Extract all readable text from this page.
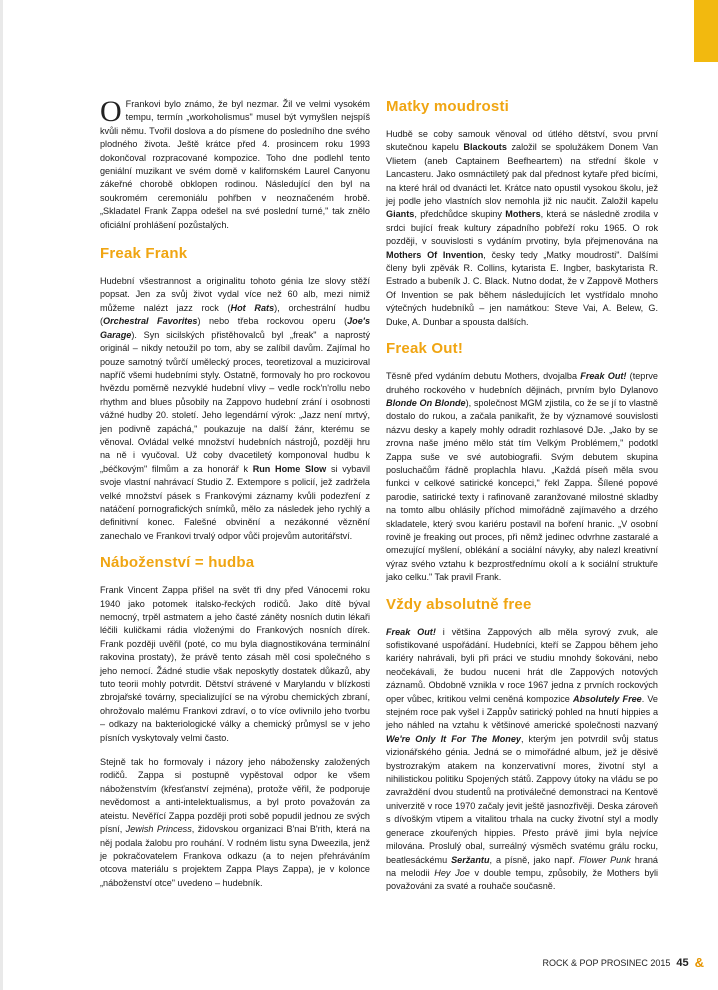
O Frankovi bylo známo, že byl nezmar. Žil ve velmi vysokém tempu, termín „workoholismus" musel být vymyšlen nejspíš kvůli němu. Tvořil doslova a do písmene do posledního dne svého plodného života. Ještě krátce před 4. prosincem roku 1993 dokončoval rozpracované kompozice. Toho dne podlehl tento geniální muzikant ve svém domě v kalifornském Laurel Canyonu zákeřné chorobě obklopen rodinou. Následující den byl na soukromém ceremoniálu pohřben v neoznačeném hrobě. „Skladatel Frank Zappa odešel na své poslední turné," tak znělo oficiální prohlášení pozůstalých.

Freak Frank

Hudební všestrannost a originalitu tohoto génia lze slovy stěží popsat. Jen za svůj život vydal více než 60 alb, mezi nimiž můžeme nalézt jazz rock (Hot Rats), orchestrální hudbu (Orchestral Favorites) nebo třeba rockovou operu (Joe's Garage). Syn sicilských přistěhovalců byl „freak" a naprostý originál – nikdy netoužil po tom, aby se zalíbil davům. Zajímal ho pouze samotný tvůrčí umělecký proces, teoretizoval a muziciroval napříč všemi hudebními styly. Ostatně, formovaly ho pro rockovou hvězdu poměrně nezvyklé hudební vlivy – vedle rock'n'rollu nebo rhythm and blues působily na Zappovo hudební zrání i osobnosti vážné hudby 20. století. Jeho legendární výrok: „Jazz není mrtvý, jen podivně zapáchá," poukazuje na další žánr, kterému se věnoval. Ovládal velké množství hudebních nástrojů, později hru na ně i vyučoval. Už coby dvacetiletý komponoval hudbu k „béčkovým" filmům a za honorář k Run Home Slow si vybavil svoje vlastní nahrávací Studio Z. Extempore s policií, jež zadržela velké množství pásek s Frankovými záznamy kvůli podezření z natáčení pornografických snímků, mělo za následek jeho rychlý a definitivní konec. Falešné obvinění a nezákonné věznění zanechalo ve Frankovi trvalý odpor vůči projevům autoritářství.

Náboženství = hudba

Frank Vincent Zappa přišel na svět tři dny před Vánocemi roku 1940 jako potomek italsko-řeckých rodičů. Jako dítě býval nemocný, trpěl astmatem a jeho časté záněty nosních dutin lékaři léčili kuličkami rádia vloženými do Frankových nosních dírek. Frank později uvěřil (poté, co mu byla diagnostikována terminální rakovina prostaty), že právě tento zásah měl cosi společného s jeho nemocí. Žádné studie však neposkytly dostatek důkazů, aby tuto teorii mohly potvrdit. Dětství strávené v Marylandu v blízkosti zbrojařské továrny, specializující se na výrobu chemických zbraní, ohrožovalo malému Frankovi zdraví, o to více ovlivnilo jeho tvorbu – odkazy na bakteriologické války a chemický průmysl se v jeho písních vyskytovaly velmi často.

Stejně tak ho formovaly i názory jeho nábožensky založených rodičů. Zappa si postupně vypěstoval odpor ke všem náboženstvím (křesťanství zejména), protože věřil, že podporuje nevědomost a anti-intelektualismus, a byl proto považován za ateistu. Nevěřící Zappa později proti sobě popudil jednou ze svých písní, Jewish Princess, židovskou organizaci B'nai B'rith, která na něj podala žalobu pro rouhání. V rodném listu syna Dweezila, jenž je pokračovatelem Frankova odkazu (a to nejen přehráváním otcova materiálu s projektem Zappa Plays Zappa), je v kolonce „náboženství otce" uvedeno – hudebník.

Matky moudrosti

Hudbě se coby samouk věnoval od útlého dětství, svou první skutečnou kapelu Blackouts založil se spolužákem Donem Van Vlietem (aneb Captainem Beefheartem) na střední škole v Lancasteru. Jako osmnáctiletý pak dal přednost kytaře před bicími, na které hrál od dvanácti let. Krátce nato opustil vysokou školu, jež jej podle jeho vlastních slov nemohla již nic naučit. Založil kapelu Giants, předchůdce skupiny Mothers, která se následně zrodila v srdci bující freak kultury západního pobřeží roku 1965. O rok později, v souvislosti s vydáním prvotiny, byla přejmenována na Mothers Of Invention, česky tedy „Matky moudrosti". Dalšími členy byli zpěvák R. Collins, kytarista E. Ingber, baskytarista R. Estrado a bubeník J. C. Black. Nutno dodat, že v Zappově Mothers Of Invention se pak během následujících let vystřídalo mnoho výtečných hudebníků – jen namátkou: Steve Vai, A. Belew, G. Duke, A. Dunbar a spousta dalších.

Freak Out!

Těsně před vydáním debutu Mothers, dvojalba Freak Out! (teprve druhého rockového v hudebních dějinách, prvním bylo Dylanovo Blonde On Blonde), společnost MGM zjistila, co že se jí to vlastně dostalo do rukou, a začala panikařit, že by významové souvislosti názvu desky a kapely mohly odradit rozhlasové DJe. „Jako by se zrovna naše jméno mělo stát tím Velkým Problémem," podotkl Zappa suše ve své autobiografii. Svým debutem skupina posluchačům řádně proplachla hlavu. „Každá píseň měla svou funkci v celkové satirické koncepci," řekl Zappa. Šílené popové parodie, satirické texty i rafinovaně zaranžované milostné skladby na tomto albu ohlásily příchod mimořádně zajímavého a drzého skladatele, který svou kariéru postavil na boření hranic. „V osobní rovině je freaking out proces, při němž jedinec odvrhne zastaralé a omezující myšlení, oblékání a sociální návyky, aby nalezl kreativní výraz svého vztahu k bezprostřednímu okolí a k sociální struktuře jako celku." Tak pravil Frank.

Vždy absolutně free

Freak Out! i většina Zappových alb měla syrový zvuk, ale sofistikované uspořádání. Hudebníci, kteří se Zappou během jeho kariéry nahrávali, byli při práci ve studiu mnohdy šokováni, nebo neočekávali, že budou nuceni hrát dle Zappových notových záznamů. Obdobně vznikla v roce 1967 jedna z prvních rockových oper vůbec, kritikou velmi ceněná kompozice Absolutely Free. Ve stejném roce pak vyšel i Zappův satirický pohled na hnutí hippies a jeho náhled na vztahu k většinové americké společnosti nazvaný We're Only It For The Money, kterým jen potvrdil svůj status vizionářského génia. Jedná se o mimořádné album, jež je děsivě bystrozrakým atakem na konzervativní mores, životní styl a nihilistickou politiku Spojených států. Zappovy útoky na vládu se po zavraždění dvou studentů na protiválečné demonstraci na Kentově univerzitě v roce 1970 začaly jevit ještě jasnozřivěji. Deska zároveň s dívoškým vtipem a vitalitou trhala na cucky životní styl a modly generace zkouřených hippies. Přesto právě jimi byla nejvíce milována. Proslulý obal, surreálný výsměch svatému grálu rocku, beatlesáckému Seržantu, a písně, jako např. Flower Punk hraná na melodii Hey Joe v double tempu, způsobily, že Mothers byli považováni za svaté a rouhače současně.

ROCK & POP PROSINEC 2015 45 &
